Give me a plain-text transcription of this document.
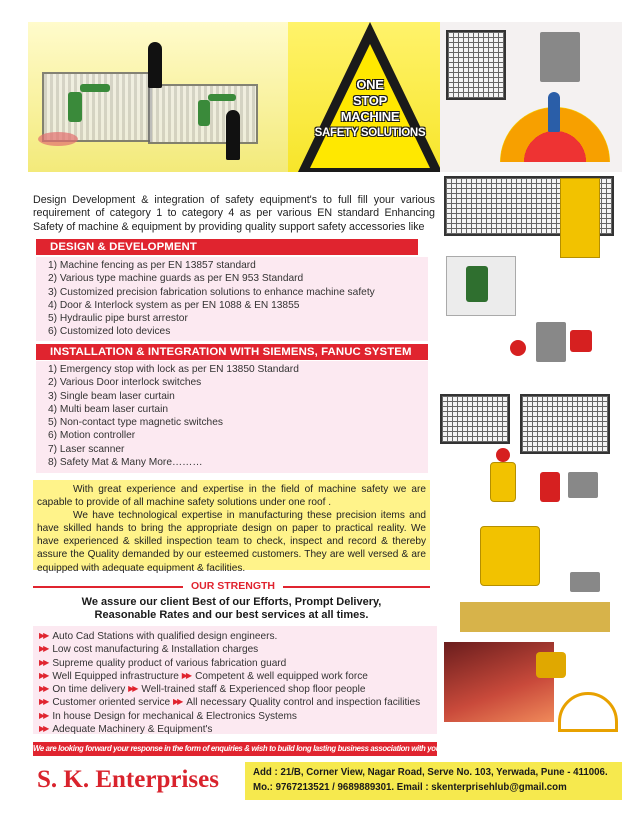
ONE
STOP
MACHINE
SAFETY SOLUTIONS
Design Development & integration of safety equipment's to full fill your various requirement of category 1 to category 4 as per various EN standard Enhancing Safety of machine & equipment by providing quality support safety accessories like
DESIGN & DEVELOPMENT
1) Machine fencing as per EN 13857 standard
2) Various type machine guards as per EN 953 Standard
3) Customized precision fabrication solutions to enhance machine safety
4) Door & Interlock system as per EN 1088 & EN 13855
5) Hydraulic pipe burst arrestor
6) Customized loto devices
INSTALLATION & INTEGRATION WITH SIEMENS, FANUC SYSTEM
1) Emergency stop with lock as per EN 13850 Standard
2) Various Door interlock switches
3) Single beam laser curtain
4) Multi beam laser curtain
5) Non-contact type magnetic switches
6) Motion controller
7) Laser scanner
8) Safety Mat & Many More………

With great experience and expertise in the field of machine safety we are capable to provide of all machine safety solutions under one roof .

We have technological expertise in manufacturing these precision items and have skilled hands to bring the appropriate design on paper to practical reality. We have experienced & skilled inspection team to check, inspect and record & thereby assure the Quality demanded by our esteemed customers. They are well versed & are equipped with adequate equipment & facilities.

OUR STRENGTH
We assure our client Best of our Efforts, Prompt Delivery,
Reasonable Rates and our best services at all times.
▶▶ Auto Cad Stations with qualified design engineers.
▶▶ Low cost manufacturing & Installation charges
▶▶ Supreme quality product of various fabrication guard
▶▶ Well Equipped infrastructure ▶▶ Competent & well equipped work force
▶▶ On time delivery ▶▶ Well-trained staff & Experienced shop floor people
▶▶ Customer oriented service ▶▶ All necessary Quality control and inspection facilities
▶▶ In house Design for mechanical & Electronics Systems
▶▶ Adequate Machinery & Equipment's
We are looking forward your response in the form of enquiries & wish to build long lasting business association with your esteem organization
S. K. Enterprises	Add : 21/B, Corner View, Nagar Road, Serve No. 103, Yerwada, Pune - 411006.
Mo.: 9767213521 / 9689889301. Email : skenterprisehlub@gmail.com
